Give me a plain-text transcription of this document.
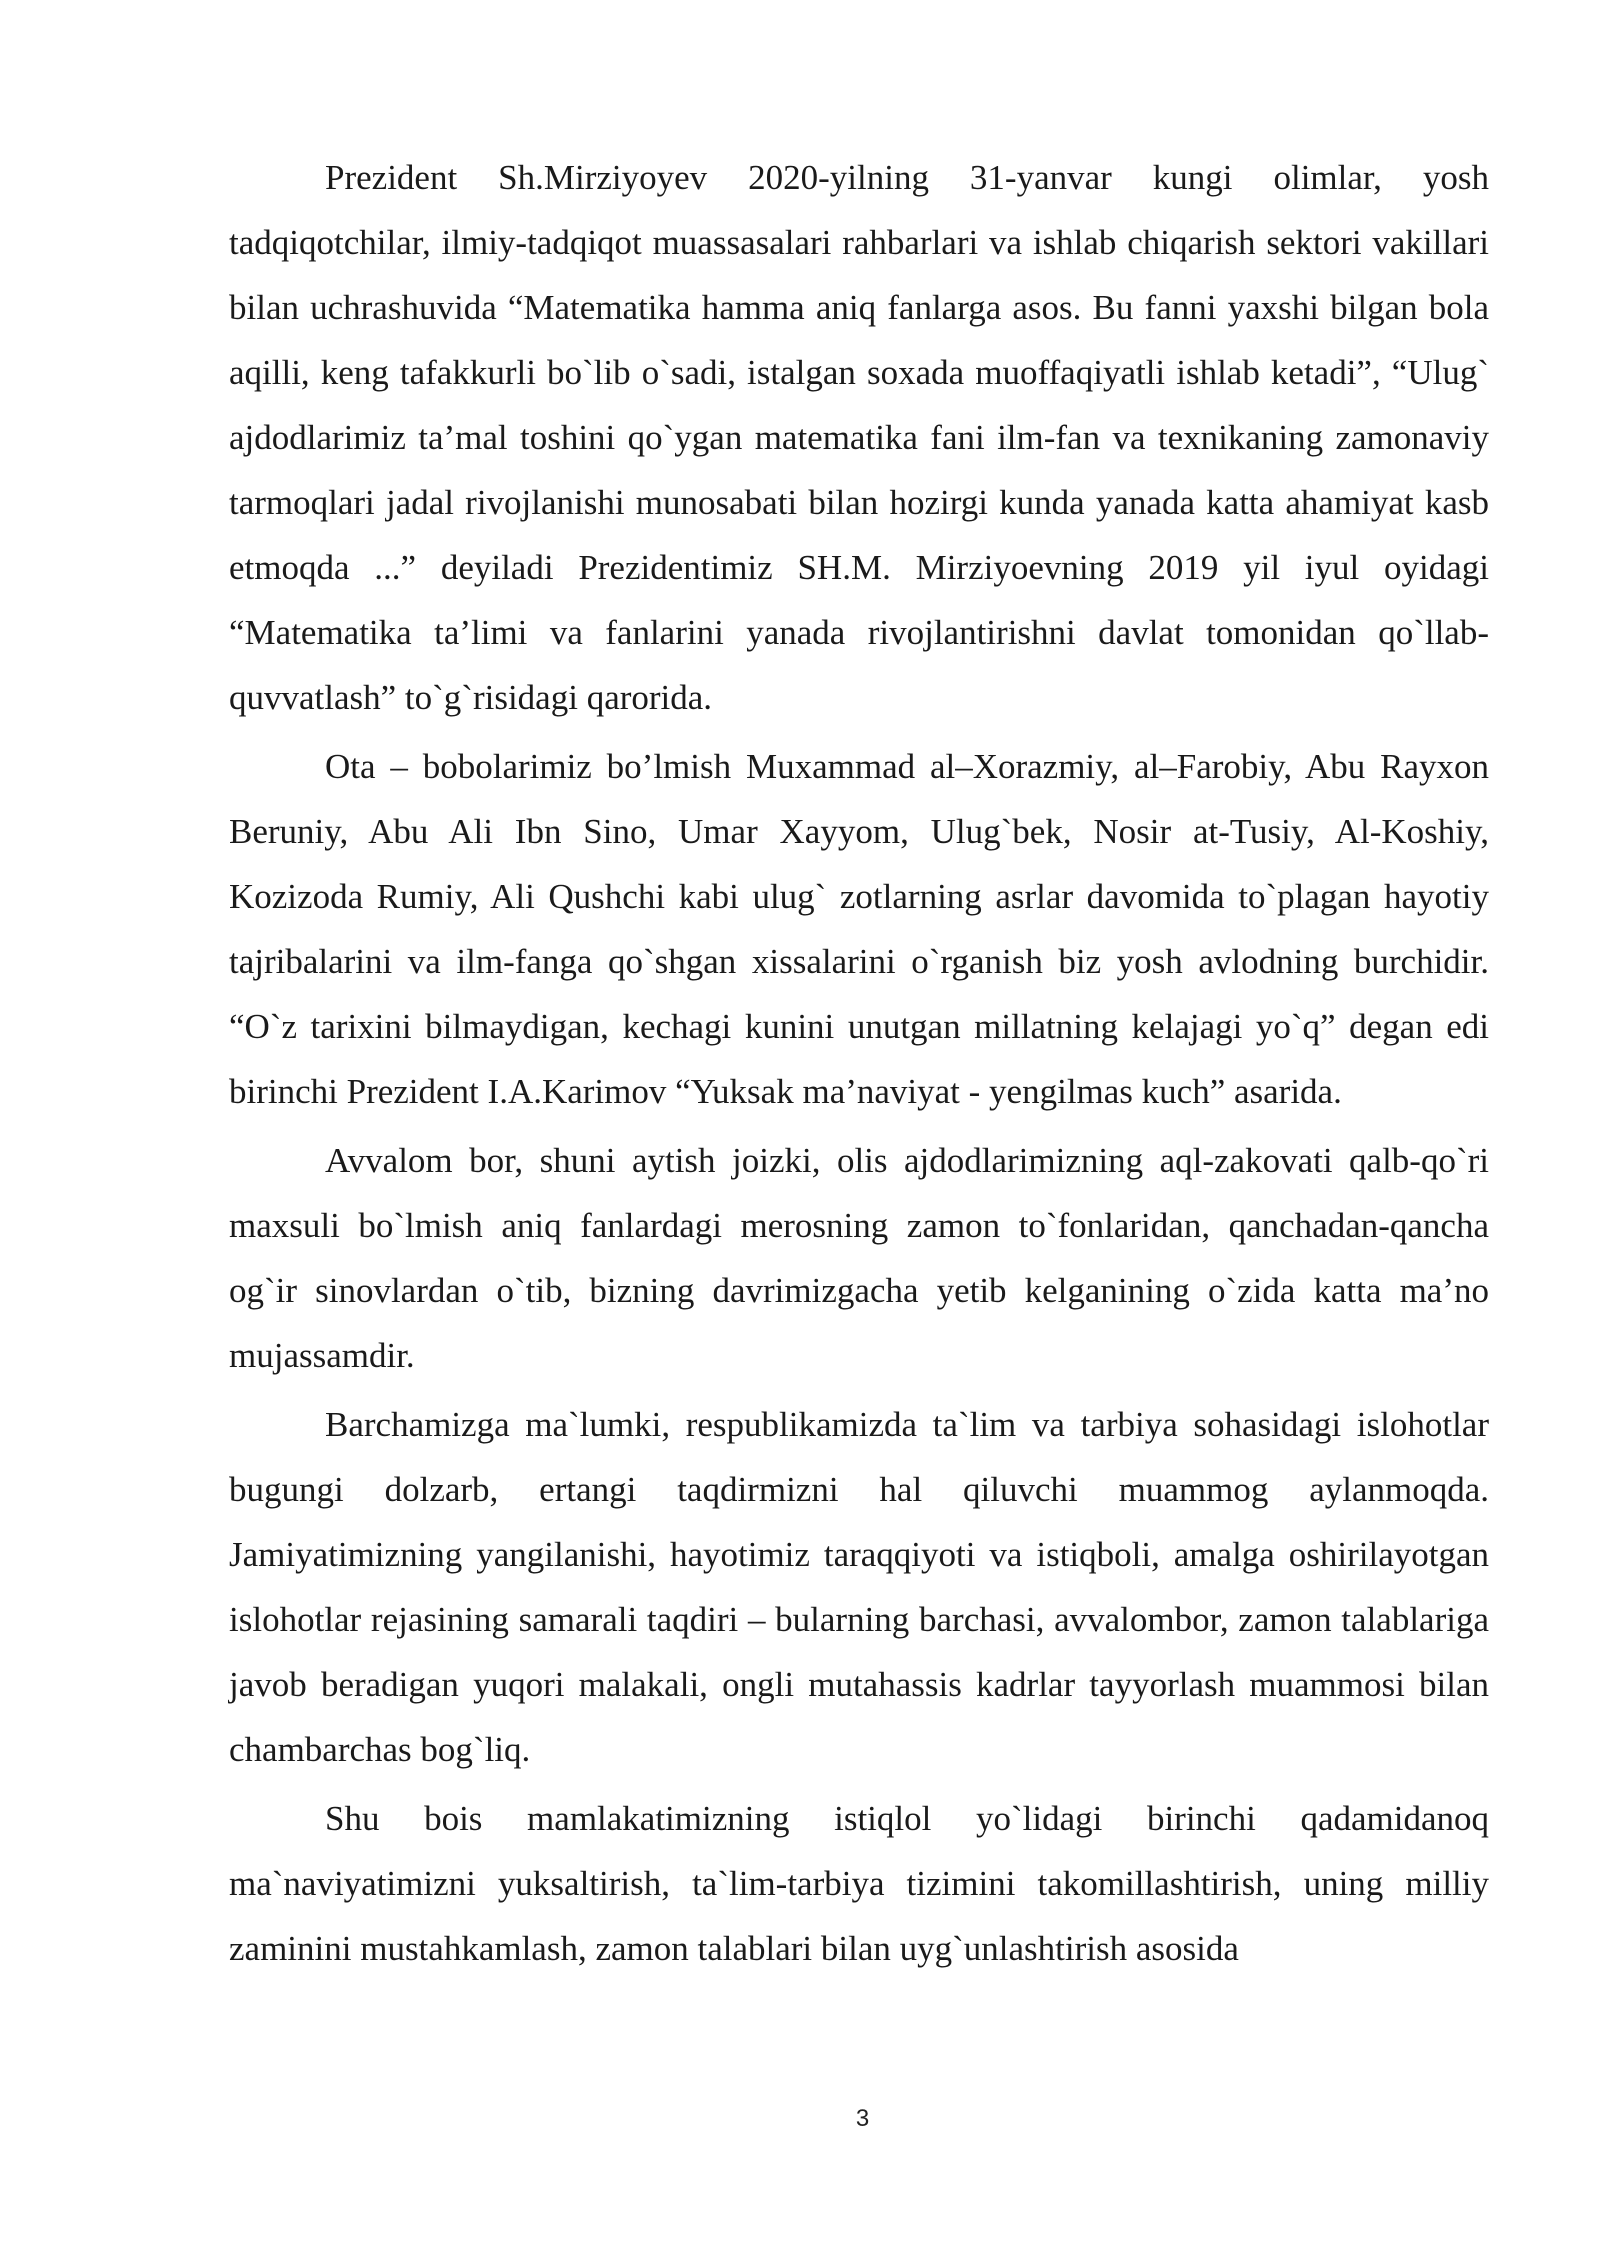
Prezident Sh.Mirziyoyev 2020-yilning 31-yanvar kungi olimlar, yosh tadqiqotchilar, ilmiy-tadqiqot muassasalari rahbarlari va ishlab chiqarish sektori vakillari bilan uchrashuvida “Matematika hamma aniq fanlarga asos. Bu fanni yaxshi bilgan bola aqilli, keng tafakkurli bo`lib o`sadi, istalgan soxada muoffaqiyatli ishlab ketadi”, “Ulug` ajdodlarimiz ta’mal toshini qo`ygan matematika fani ilm-fan va texnikaning zamonaviy tarmoqlari jadal rivojlanishi munosabati bilan hozirgi kunda yanada katta ahamiyat kasb etmoqda ...” deyiladi Prezidentimiz SH.M. Mirziyoevning 2019 yil iyul oyidagi “Matematika ta’limi va fanlarini yanada rivojlantirishni davlat tomonidan qo`llab-quvvatlash” to`g`risidagi qarorida.

Ota – bobolarimiz bo’lmish Muxammad al–Xorazmiy, al–Farobiy, Abu Rayxon Beruniy, Abu Ali Ibn Sino, Umar Xayyom, Ulug`bek, Nosir at-Tusiy, Al-Koshiy, Kozizoda Rumiy, Ali Qushchi kabi ulug` zotlarning asrlar davomida to`plagan hayotiy tajribalarini va ilm-fanga qo`shgan xissalarini o`rganish biz yosh avlodning burchidir. “O`z tarixini bilmaydigan, kechagi kunini unutgan millatning kelajagi yo`q” degan edi birinchi Prezident I.A.Karimov “Yuksak ma’naviyat - yengilmas kuch” asarida.

Avvalom bor, shuni aytish joizki, olis ajdodlarimizning aql-zakovati qalb-qo`ri maxsuli bo`lmish aniq fanlardagi merosning zamon to`fonlaridan, qanchadan-qancha og`ir sinovlardan o`tib, bizning davrimizgacha yetib kelganining o`zida katta ma’no mujassamdir.

Barchamizga ma`lumki, respublikamizda ta`lim va tarbiya sohasidagi islohotlar bugungi dolzarb, ertangi taqdirmizni hal qiluvchi muammog aylanmoqda. Jamiyatimizning yangilanishi, hayotimiz taraqqiyoti va istiqboli, amalga oshirilayotgan islohotlar rejasining samarali taqdiri – bularning barchasi, avvalombor, zamon talablariga javob beradigan yuqori malakali, ongli mutahassis kadrlar tayyorlash muammosi bilan chambarchas bog`liq.

Shu bois mamlakatimizning istiqlol yo`lidagi birinchi qadamidanoq ma`naviyatimizni yuksaltirish, ta`lim-tarbiya tizimini takomillashtirish, uning milliy zaminini mustahkamlash, zamon talablari bilan uyg`unlashtirish asosida

3
